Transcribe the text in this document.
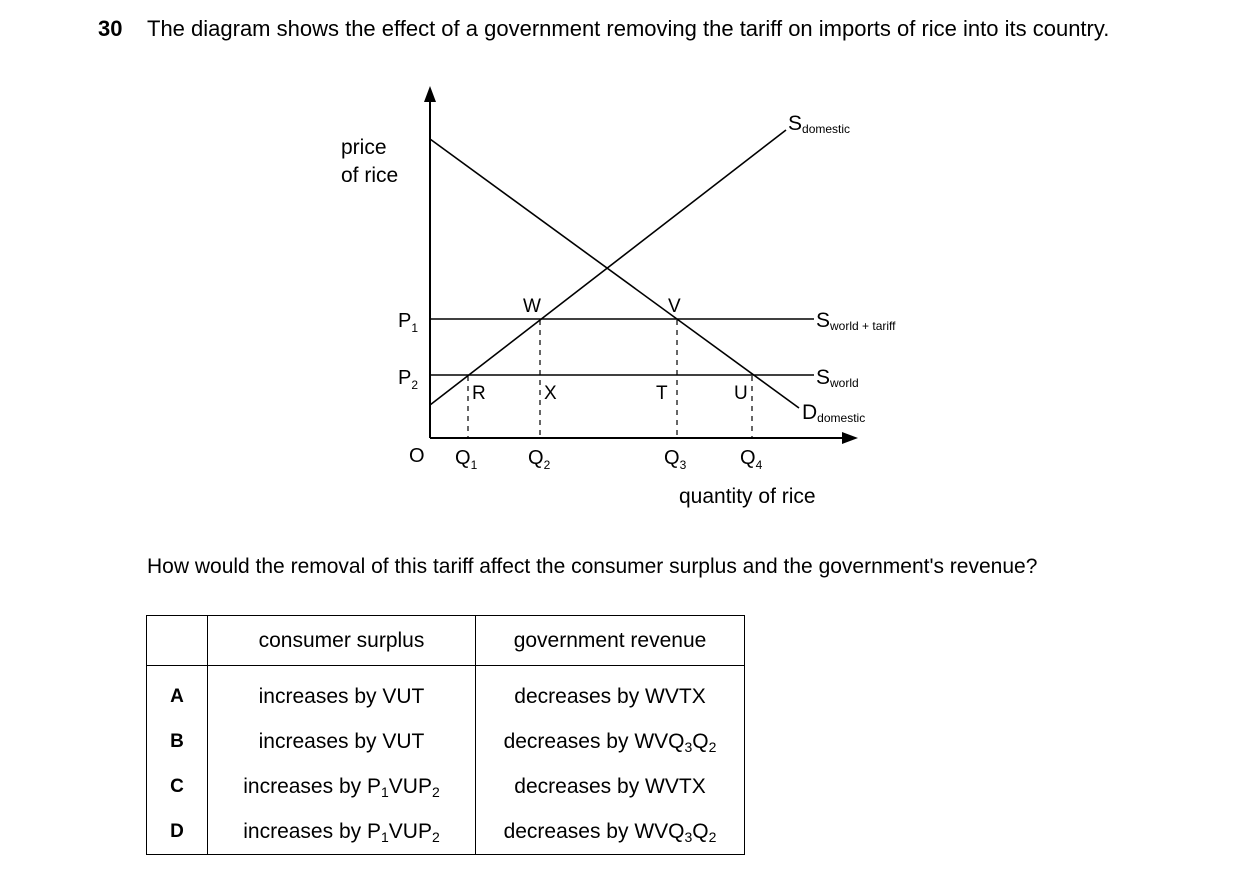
30 The diagram shows the effect of a government removing the tariff on imports of rice into its country.
price
of rice
quantity of rice
O
$P_1$
$P_2$
$Q_1$	$Q_2$	$Q_3$	$Q_4$
W	V
R	X	T	U
Sdomestic
Sworld + tariff
Sworld
Ddomestic
How would the removal of this tariff affect the consumer surplus and the government's revenue?
	consumer surplus	government revenue
A	increases by VUT	decreases by WVTX
B	increases by VUT	decreases by $WVQ_3Q_2$
C	increases by $P_1VUP_2$	decreases by WVTX
D	increases by $P_1VUP_2$	decreases by $WVQ_3Q_2$
